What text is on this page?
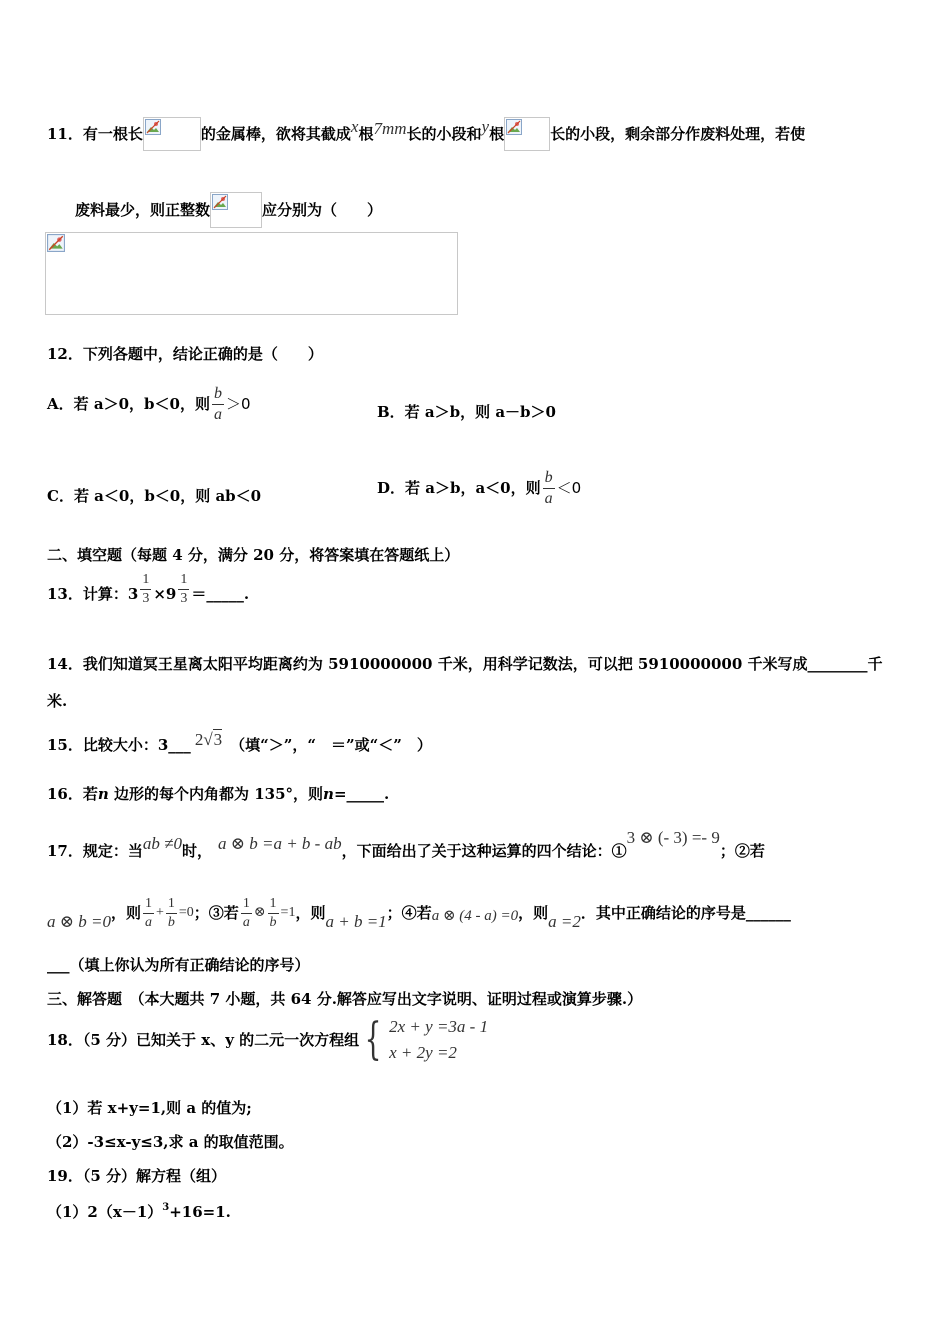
11．有一根长	的金属棒，欲将其截成x根7mm长的小段和y根	长的小段，剩余部分作废料处理，若使
废料最少，则正整数	应分别为（　　）
12．下列各题中，结论正确的是（　　）
A．若 a＞0，b＜0，则 $\frac{b}{a} >0$	B．若 a＞b，则 a－b＞0
C．若 a＜0，b＜0，则 ab＜0	D．若 a＞b，a＜0，则 $\frac{b}{a} <0$
二、填空题（每题 4 分，满分 20 分，将答案填在答题纸上）
13．计算：$3 \frac{1}{3} \times 9 \frac{1}{3}$ ＝_____.
14．我们知道冥王星离太阳平均距离约为 5910000000 千米，用科学记数法，可以把 5910000000 千米写成________千
米.
15．比较大小：3___ 2√3 （填“＞”，“　＝”或“＜”　）
16．若n 边形的每个内角都为 135°，则n=_____.
17．规定：当ab ≠0时， a ⊗ b =a + b - ab，下面给出了关于这种运算的四个结论：①3 ⊗ (- 3) =- 9；②若
a ⊗ b =0 ，则 $\frac{1}{a} + \frac{1}{b} =0$ ；③若 $\frac{1}{a}$ ⊗ $\frac{1}{b} =1$ ，则 a + b =1 ；④若 a ⊗ (4 - a) =0 ，则 a =2 ．其中正确结论的序号是______
___（填上你认为所有正确结论的序号）
三、解答题　（本大题共 7 小题，共 64 分.解答应写出文字说明、证明过程或演算步骤.）
18．（5 分）已知关于 x、y 的二元一次方程组 { 2x + y =3a - 1
x + 2y =2
（1）若 x+y=1,则 a 的值为;
（2）-3≤x-y≤3,求 a 的取值范围。
19．（5 分）解方程（组）
$(1)2(x-1)^3+16=1$.
